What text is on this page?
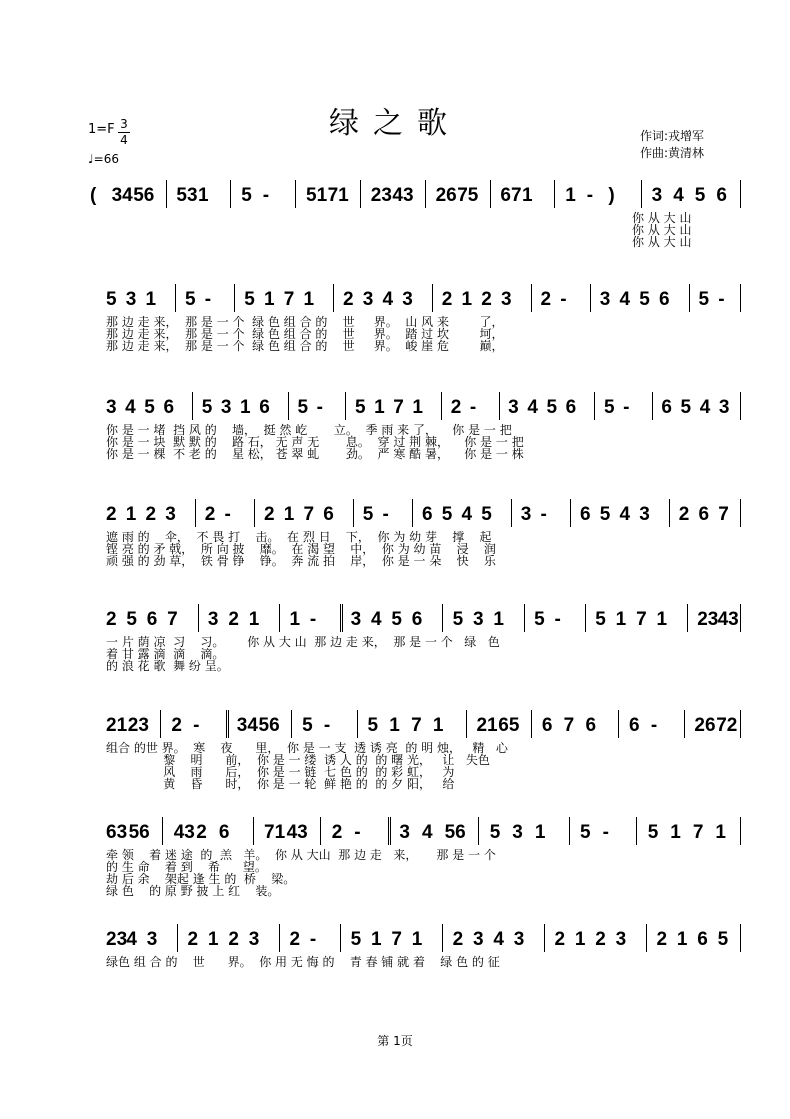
绿之歌
1=F 3
4
♩=66
作词:戎增军
作曲:黄清林
( 34 56 53 1 5 - 51 71 23 43 26 75 67 1 1 - ) 3 4 5 6
你 从 大 山
你 从 大 山
你 从 大 山
5 3 1 5 - 5 1 7 1 2 3 4 3 2 1 2 3 2 - 3 4 5 6 5 -
那 边 走 来，  那 是 一 个  绿 色 组 合 的    世     界。  山 风 来        了，
那 边 走 来，  那 是 一 个  绿 色 组 合 的    世     界。  踏 过 坎        坷，
那 边 走 来，  那 是 一 个  绿 色 组 合 的    世     界。  峻 崖 危        巅，
3 4 5 6 5 3 1 6 5 - 5 1 7 1 2 - 3 4 5 6 5 - 6 5 4 3
你 是 一 堵  挡 风 的    墙，  挺 然 屹       立。  季 雨 来 了，    你 是 一 把
你 是 一 块  默 默 的    路 石， 无 声 无       息。  穿 过 荆 棘，    你 是 一 把
你 是 一 棵  不 老 的    星 松， 苍 翠 虬       劲。  严 寒 酷 暑，    你 是 一 株
2 1 2 3 2 - 2 1 7 6 5 - 6 5 4 5 3 - 6 5 4 3 2 6 7
遮 雨 的    伞，  不 畏 打    击。  在 烈 日    下，  你 为 幼 芽    撑    起
铿 亮 的 矛 戟，  所 向 披    靡。  在 渴 望    中，  你 为 幼 苗    浸    润
顽 强 的 劲 草，  铁 骨 铮    铮。  奔 流 拍    岸，  你 是 一 朵    快    乐
2 5 6 7 3 2 1 1 - 3 4 5 6 5 3 1 5 - 5 1 7 1 23 43
一 片 荫 凉  习    习。      你 从 大 山  那 边 走 来，  那 是 一 个   绿   色
着 甘 露 滴  滴    滴。
的 浪 花 歌  舞 纷 呈。
21 23 2 - 34 56 5 - 5 1 7 1 21 65 6 7 6 6 - 26 72
组合 的世 界。  寒    夜      里，  你 是 一 支  透 诱 亮  的 明 烛，   精   心
黎    明      前，  你 是 一 缕  诱 人 的  的 曙 光，   让   失色
风    雨      后，  你 是 一 链  七 色 的  的 彩 虹，   为
黄    昏      时，  你 是 一 轮  鲜 艳 的  的 夕 阳，   给
63 56 43 2 6 71 43 2 - 3 4 56 5 3 1 5 - 5 1 7 1
牵 领    着 迷 途  的  羔   羊。  你 从 大山  那 边 走   来，     那 是 一 个
的 生 命    着 到    希      望。
劫 后 余    架起 逢 生 的  桥    梁。
绿 色    的 原 野 披 上 红    装。
23 4 3 2 1 2 3 2 - 5 1 7 1 2 3 4 3 2 1 2 3 2 1 6 5
绿色 组 合 的    世      界。  你 用 无 悔 的    青 春 铺 就 着    绿 色 的 征
第 1页
